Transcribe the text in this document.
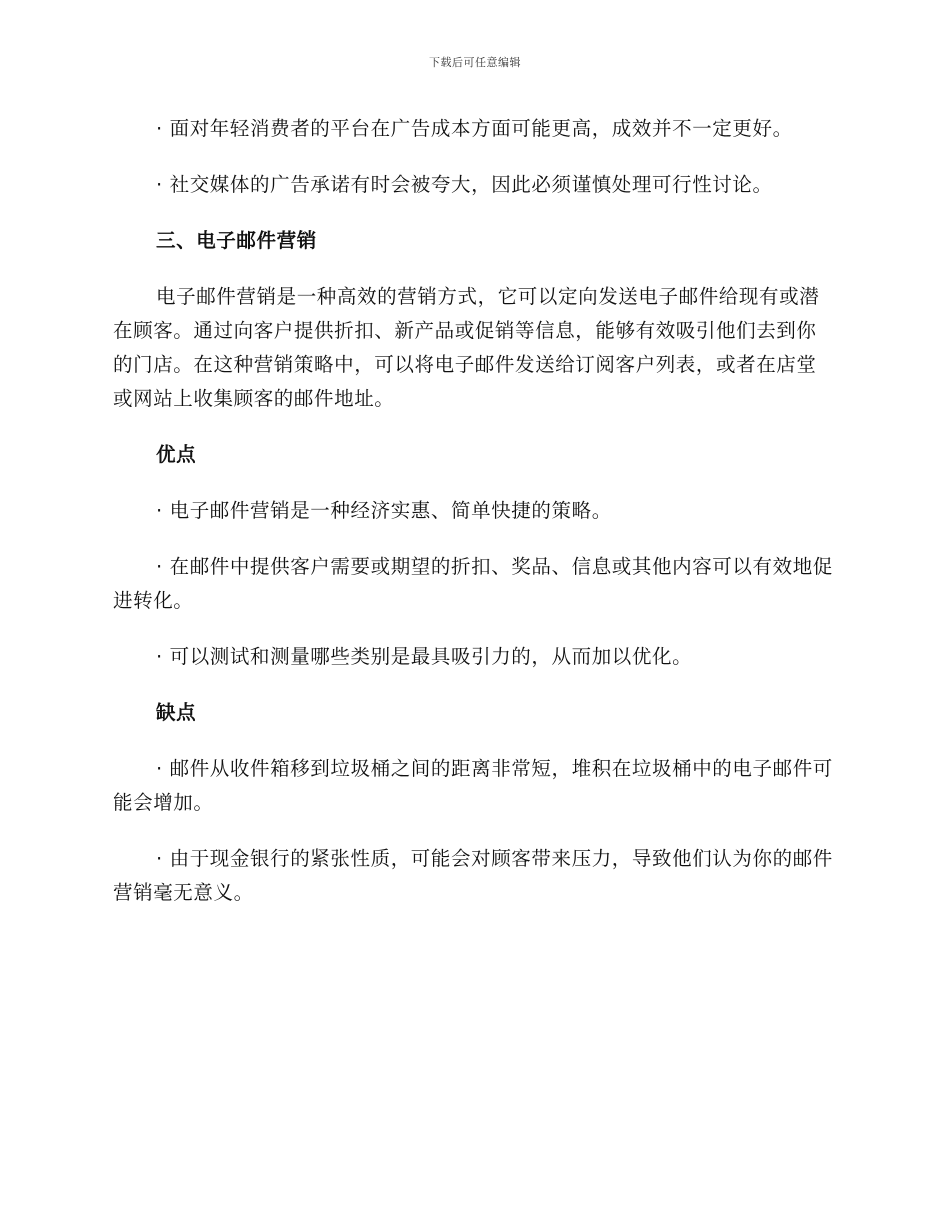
下载后可任意编辑

· 面对年轻消费者的平台在广告成本方面可能更高，成效并不一定更好。

· 社交媒体的广告承诺有时会被夸大，因此必须谨慎处理可行性讨论。

三、电子邮件营销

电子邮件营销是一种高效的营销方式，它可以定向发送电子邮件给现有或潜在顾客。通过向客户提供折扣、新产品或促销等信息，能够有效吸引他们去到你的门店。在这种营销策略中，可以将电子邮件发送给订阅客户列表，或者在店堂或网站上收集顾客的邮件地址。

优点

· 电子邮件营销是一种经济实惠、简单快捷的策略。

· 在邮件中提供客户需要或期望的折扣、奖品、信息或其他内容可以有效地促进转化。

· 可以测试和测量哪些类别是最具吸引力的，从而加以优化。

缺点

· 邮件从收件箱移到垃圾桶之间的距离非常短，堆积在垃圾桶中的电子邮件可能会增加。

· 由于现金银行的紧张性质，可能会对顾客带来压力，导致他们认为你的邮件营销毫无意义。
